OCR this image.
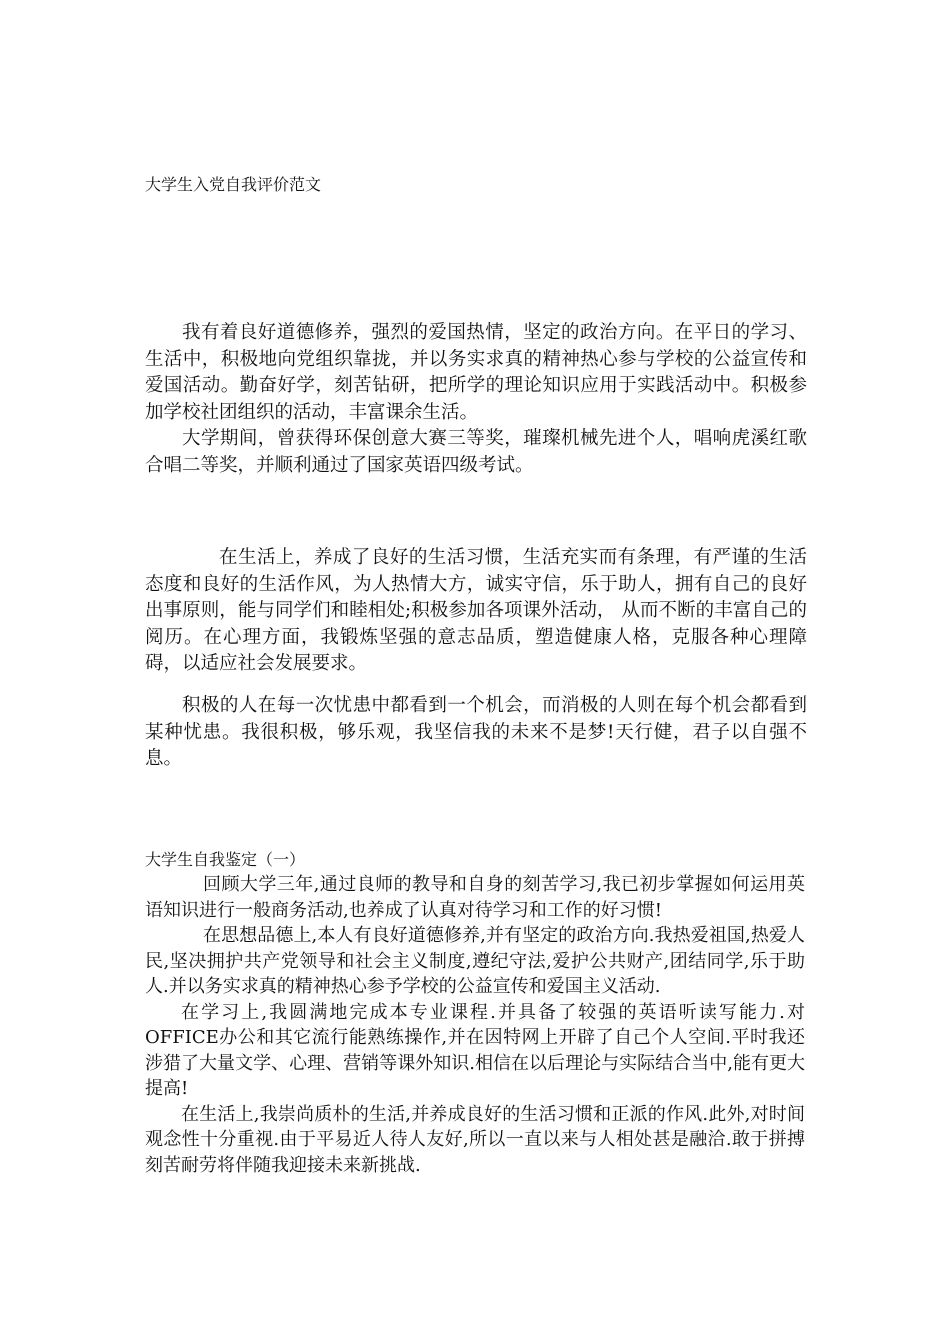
大学生入党自我评价范文

我有着良好道德修养，强烈的爱国热情，坚定的政治方向。在平日的学习、生活中，积极地向党组织靠拢，并以务实求真的精神热心参与学校的公益宣传和爱国活动。勤奋好学，刻苦钻研，把所学的理论知识应用于实践活动中。积极参加学校社团组织的活动，丰富课余生活。

大学期间，曾获得环保创意大赛三等奖，璀璨机械先进个人，唱响虎溪红歌合唱二等奖，并顺利通过了国家英语四级考试。

在生活上，养成了良好的生活习惯，生活充实而有条理，有严谨的生活态度和良好的生活作风，为人热情大方，诚实守信，乐于助人，拥有自己的良好出事原则，能与同学们和睦相处;积极参加各项课外活动， 从而不断的丰富自己的阅历。在心理方面，我锻炼坚强的意志品质，塑造健康人格，克服各种心理障碍，以适应社会发展要求。

积极的人在每一次忧患中都看到一个机会，而消极的人则在每个机会都看到某种忧患。我很积极，够乐观，我坚信我的未来不是梦!天行健，君子以自强不息。

大学生自我鉴定（一）

回顾大学三年,通过良师的教导和自身的刻苦学习,我已初步掌握如何运用英语知识进行一般商务活动,也养成了认真对待学习和工作的好习惯!

在思想品德上,本人有良好道德修养,并有坚定的政治方向.我热爱祖国,热爱人民,坚决拥护共产党领导和社会主义制度,遵纪守法,爱护公共财产,团结同学,乐于助人.并以务实求真的精神热心参予学校的公益宣传和爱国主义活动.

在学习上,我圆满地完成本专业课程.并具备了较强的英语听读写能力.对OFFICE办公和其它流行能熟练操作,并在因特网上开辟了自己个人空间.平时我还涉猎了大量文学、心理、营销等课外知识.相信在以后理论与实际结合当中,能有更大提高!

在生活上,我崇尚质朴的生活,并养成良好的生活习惯和正派的作风.此外,对时间观念性十分重视.由于平易近人待人友好,所以一直以来与人相处甚是融洽.敢于拼搏刻苦耐劳将伴随我迎接未来新挑战.
